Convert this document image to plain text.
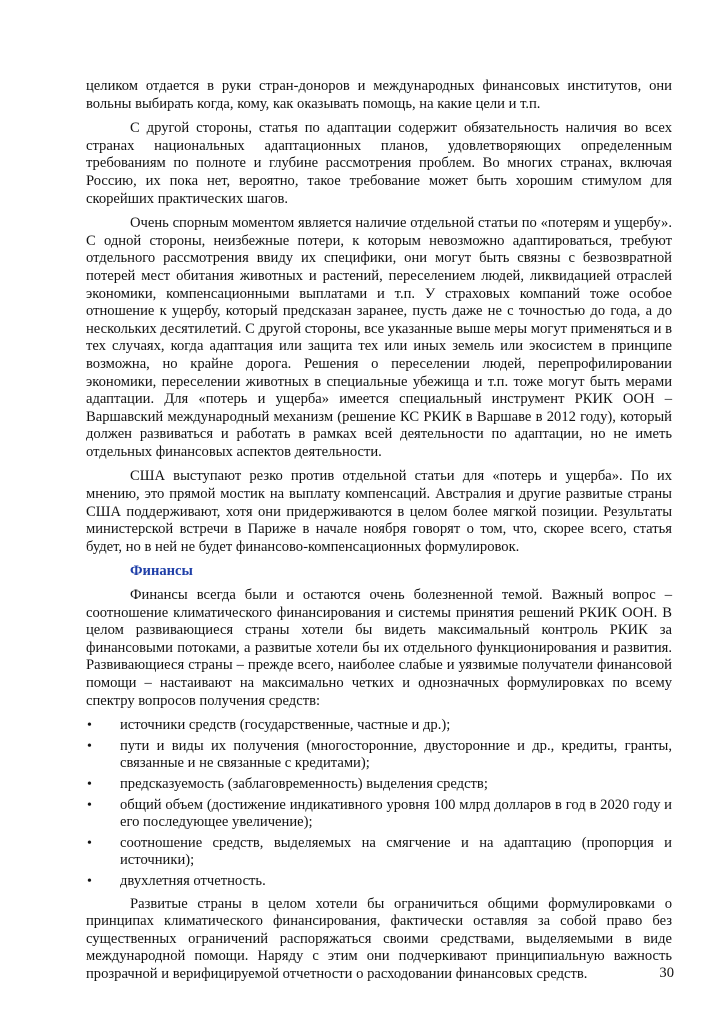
целиком отдается в руки стран-доноров и международных финансовых институтов, они вольны выбирать когда, кому, как оказывать помощь, на какие цели и т.п.

С другой стороны, статья по адаптации содержит обязательность наличия во всех странах национальных адаптационных планов, удовлетворяющих определенным требованиям по полноте и глубине рассмотрения проблем. Во многих странах, включая Россию, их пока нет, вероятно, такое требование может быть хорошим стимулом для скорейших практических шагов.

Очень спорным моментом является наличие отдельной статьи по «потерям и ущербу». С одной стороны, неизбежные потери, к которым невозможно адаптироваться, требуют отдельного рассмотрения ввиду их специфики, они могут быть связны с безвозвратной потерей мест обитания животных и растений, переселением людей, ликвидацией отраслей экономики, компенсационными выплатами и т.п. У страховых компаний тоже особое отношение к ущербу, который предсказан заранее, пусть даже не с точностью до года, а до нескольких десятилетий. С другой стороны, все указанные выше меры могут применяться и в тех случаях, когда адаптация или защита тех или иных земель или экосистем в принципе возможна, но крайне дорога. Решения о переселении людей, перепрофилировании экономики, переселении животных в специальные убежища и т.п. тоже могут быть мерами адаптации. Для «потерь и ущерба» имеется специальный инструмент РКИК ООН – Варшавский международный механизм (решение КС РКИК в Варшаве в 2012 году), который должен развиваться и работать в рамках всей деятельности по адаптации, но не иметь отдельных финансовых аспектов деятельности.

США выступают резко против отдельной статьи для «потерь и ущерба». По их мнению, это прямой мостик на выплату компенсаций. Австралия и другие развитые страны США поддерживают, хотя они придерживаются в целом более мягкой позиции. Результаты министерской встречи в Париже в начале ноября говорят о том, что, скорее всего, статья будет, но в ней не будет финансово-компенсационных формулировок.

Финансы

Финансы всегда были и остаются очень болезненной темой. Важный вопрос – соотношение климатического финансирования и системы принятия решений РКИК ООН. В целом развивающиеся страны хотели бы видеть максимальный контроль РКИК за финансовыми потоками, а развитые хотели бы их отдельного функционирования и развития. Развивающиеся страны – прежде всего, наиболее слабые и уязвимые получатели финансовой помощи – настаивают на максимально четких и однозначных формулировках по всему спектру вопросов получения средств:

• источники средств (государственные, частные и др.);
• пути и виды их получения (многосторонние, двусторонние и др., кредиты, гранты, связанные и не связанные с кредитами);
• предсказуемость (заблаговременность) выделения средств;
• общий объем (достижение индикативного уровня 100 млрд долларов в год в 2020 году и его последующее увеличение);
• соотношение средств, выделяемых на смягчение и на адаптацию (пропорция и источники);
• двухлетняя отчетность.

Развитые страны в целом хотели бы ограничиться общими формулировками о принципах климатического финансирования, фактически оставляя за собой право без существенных ограничений распоряжаться своими средствами, выделяемыми в виде международной помощи. Наряду с этим они подчеркивают принципиальную важность прозрачной и верифицируемой отчетности о расходовании финансовых средств.	30
